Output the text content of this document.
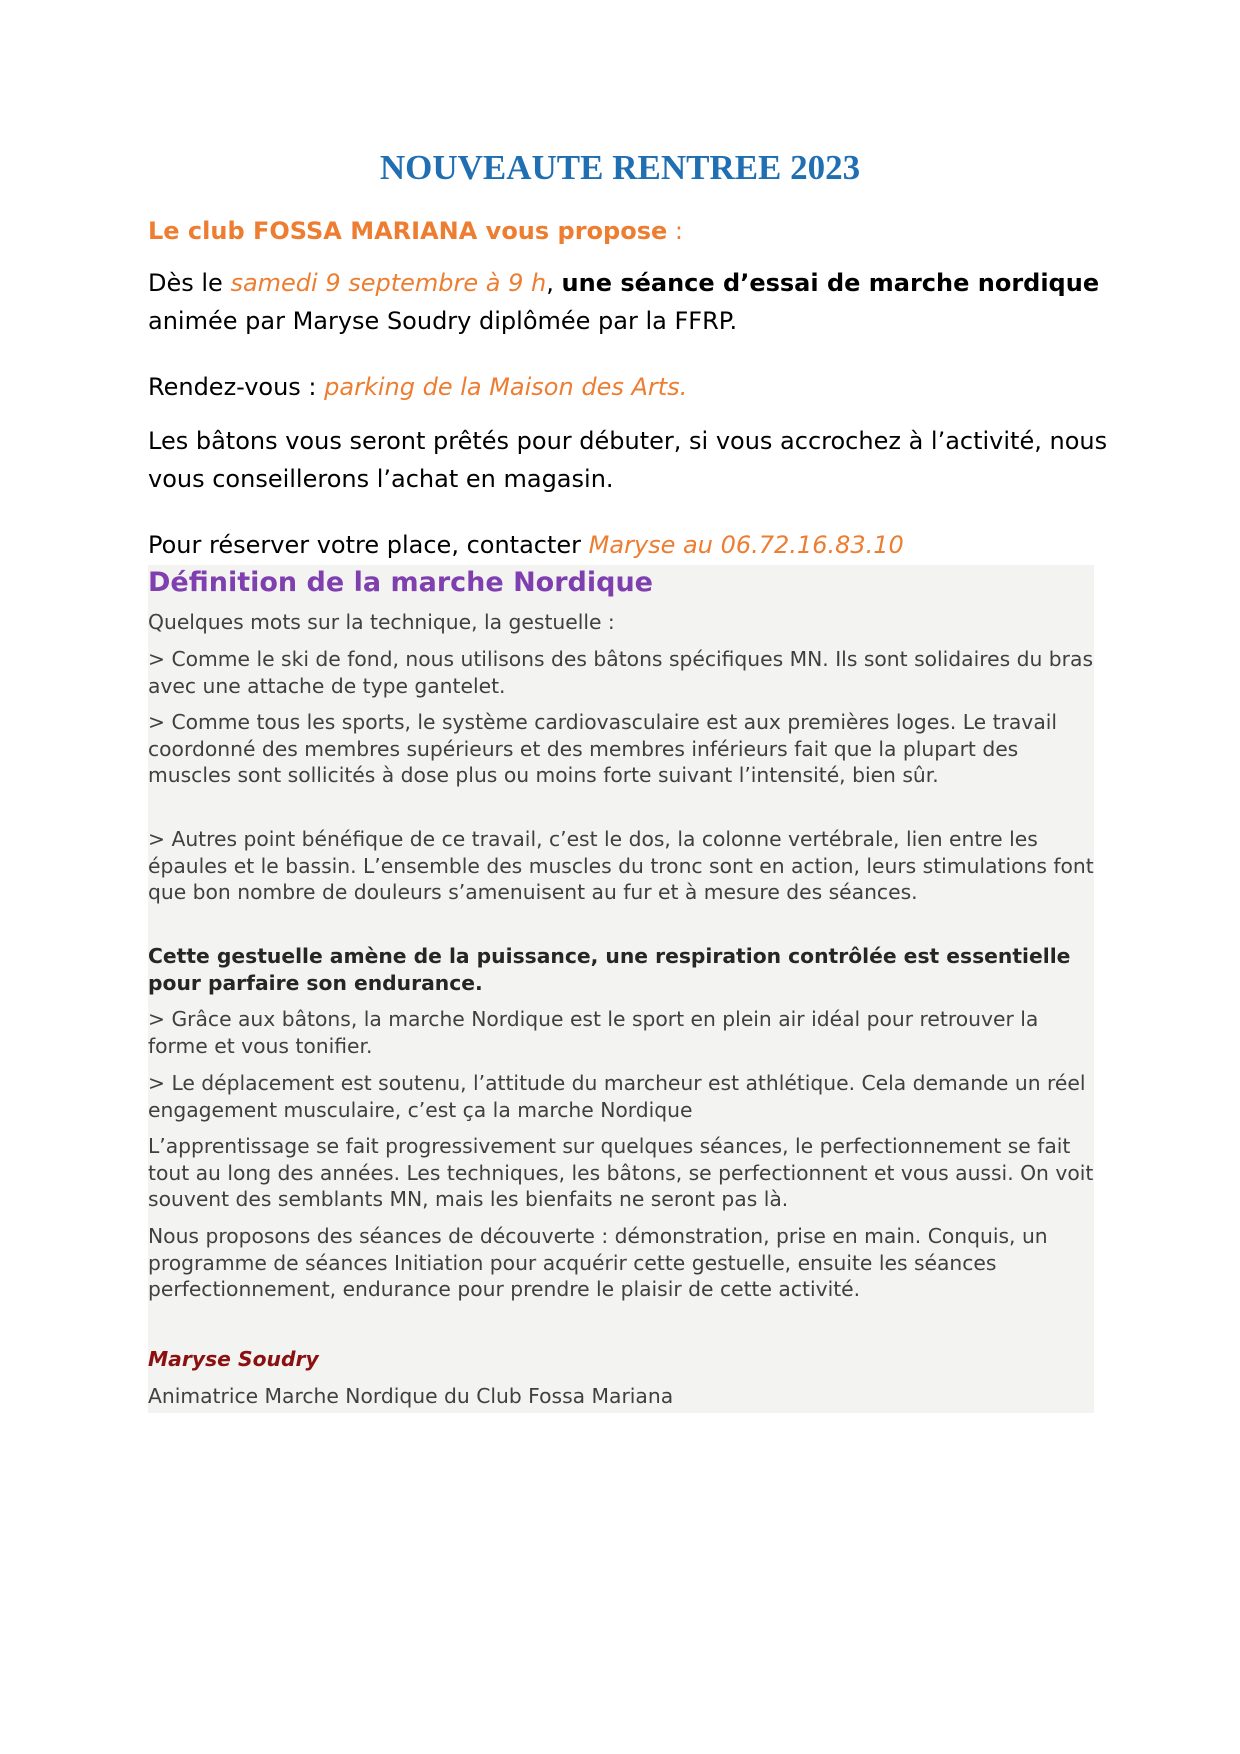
NOUVEAUTE RENTREE 2023

Le club FOSSA MARIANA vous propose :

Dès le samedi 9 septembre à 9 h, une séance d’essai de marche nordique animée par Maryse Soudry diplômée par la FFRP.

Rendez-vous : parking de la Maison des Arts.

Les bâtons vous seront prêtés pour débuter, si vous accrochez à l’activité, nous vous conseillerons l’achat en magasin.

Pour réserver votre place, contacter Maryse au 06.72.16.83.10

Définition de la marche Nordique

Quelques mots sur la technique, la gestuelle :

> Comme le ski de fond, nous utilisons des bâtons spécifiques MN. Ils sont solidaires du bras avec une attache de type gantelet.

> Comme tous les sports, le système cardiovasculaire est aux premières loges. Le travail coordonné des membres supérieurs et des membres inférieurs fait que la plupart des muscles sont sollicités à dose plus ou moins forte suivant l’intensité, bien sûr.

> Autres point bénéfique de ce travail, c’est le dos, la colonne vertébrale, lien entre les épaules et le bassin. L’ensemble des muscles du tronc sont en action, leurs stimulations font que bon nombre de douleurs s’amenuisent au fur et à mesure des séances.

Cette gestuelle amène de la puissance, une respiration contrôlée est essentielle pour parfaire son endurance.

> Grâce aux bâtons, la marche Nordique est le sport en plein air idéal pour retrouver la forme et vous tonifier.

> Le déplacement est soutenu, l’attitude du marcheur est athlétique. Cela demande un réel engagement musculaire, c’est ça la marche Nordique

L’apprentissage se fait progressivement sur quelques séances, le perfectionnement se fait tout au long des années. Les techniques, les bâtons, se perfectionnent et vous aussi. On voit souvent des semblants MN, mais les bienfaits ne seront pas là.

Nous proposons des séances de découverte : démonstration, prise en main. Conquis, un programme de séances Initiation pour acquérir cette gestuelle, ensuite les séances perfectionnement, endurance pour prendre le plaisir de cette activité.

Maryse Soudry

Animatrice Marche Nordique du Club Fossa Mariana
